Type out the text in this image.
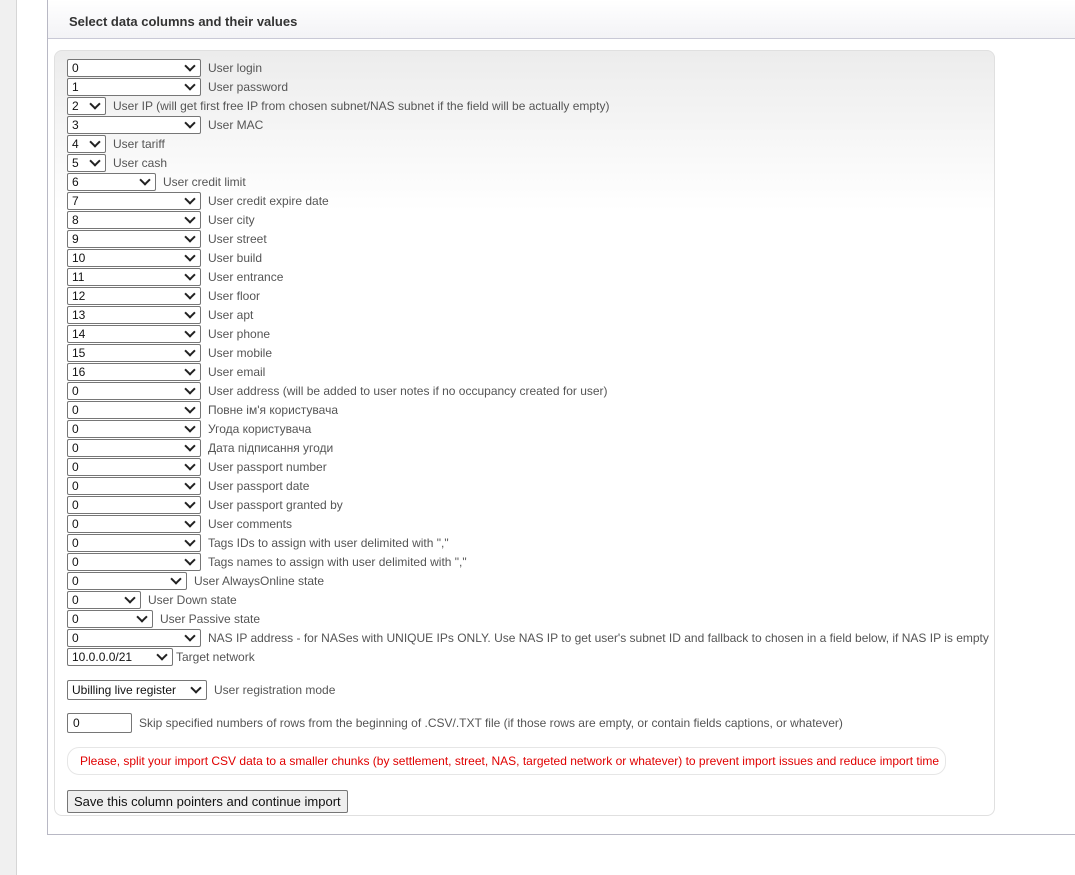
Select data columns and their values
0	User login
1	User password
2	User IP (will get first free IP from chosen subnet/NAS subnet if the field will be actually empty)
3	User MAC
4	User tariff
5	User cash
6	User credit limit
7	User credit expire date
8	User city
9	User street
10	User build
11	User entrance
12	User floor
13	User apt
14	User phone
15	User mobile
16	User email
0	User address (will be added to user notes if no occupancy created for user)
0	Повне ім'я користувача
0	Угода користувача
0	Дата підписання угоди
0	User passport number
0	User passport date
0	User passport granted by
0	User comments
0	Tags IDs to assign with user delimited with ","
0	Tags names to assign with user delimited with ","
0	User AlwaysOnline state
0	User Down state
0	User Passive state
0	NAS IP address - for NASes with UNIQUE IPs ONLY. Use NAS IP to get user's subnet ID and fallback to chosen in a field below, if NAS IP is empty
10.0.0.0/21	Target network
Ubilling live register	User registration mode
0	Skip specified numbers of rows from the beginning of .CSV/.TXT file (if those rows are empty, or contain fields captions, or whatever)
Please, split your import CSV data to a smaller chunks (by settlement, street, NAS, targeted network or whatever) to prevent import issues and reduce import time
Save this column pointers and continue import
